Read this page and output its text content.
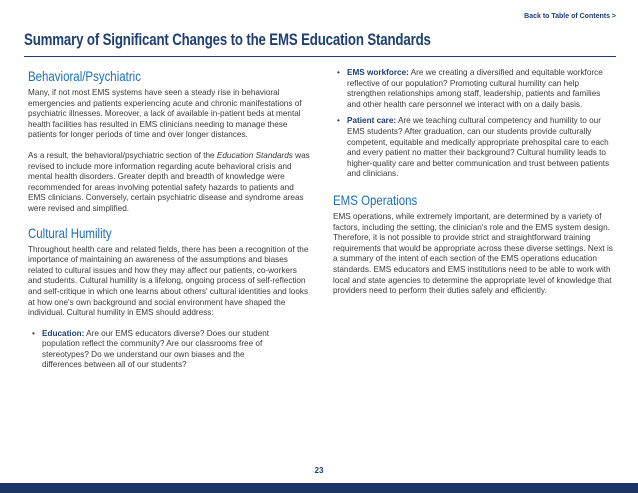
Back to Table of Contents >
Summary of Significant Changes to the EMS Education Standards
Behavioral/Psychiatric

Many, if not most EMS systems have seen a steady rise in behavioral emergencies and patients experiencing acute and chronic manifestations of psychiatric illnesses. Moreover, a lack of available in-patient beds at mental health facilities has resulted in EMS clinicians needing to manage these patients for longer periods of time and over longer distances.

As a result, the behavioral/psychiatric section of the Education Standards was revised to include more information regarding acute behavioral crisis and mental health disorders. Greater depth and breadth of knowledge were recommended for areas involving potential safety hazards to patients and EMS clinicians. Conversely, certain psychiatric disease and syndrome areas were revised and simplified.

Cultural Humility

Throughout health care and related fields, there has been a recognition of the importance of maintaining an awareness of the assumptions and biases related to cultural issues and how they may affect our patients, co-workers and students. Cultural humility is a lifelong, ongoing process of self-reflection and self-critique in which one learns about others' cultural identities and looks at how one's own background and social environment have shaped the individual. Cultural humility in EMS should address:

• Education: Are our EMS educators diverse? Does our student population reflect the community? Are our classrooms free of stereotypes? Do we understand our own biases and the differences between all of our students?
• EMS workforce: Are we creating a diversified and equitable workforce reflective of our population? Promoting cultural humility can help strengthen relationships among staff, leadership, patients and families and other health care personnel we interact with on a daily basis.
• Patient care: Are we teaching cultural competency and humility to our EMS students? After graduation, can our students provide culturally competent, equitable and medically appropriate prehospital care to each and every patient no matter their background? Cultural humility leads to higher-quality care and better communication and trust between patients and clinicians.
EMS Operations

EMS operations, while extremely important, are determined by a variety of factors, including the setting, the clinician's role and the EMS system design. Therefore, it is not possible to provide strict and straightforward training requirements that would be appropriate across these diverse settings. Next is a summary of the intent of each section of the EMS operations education standards. EMS educators and EMS institutions need to be able to work with local and state agencies to determine the appropriate level of knowledge that providers need to perform their duties safely and efficiently.

23
